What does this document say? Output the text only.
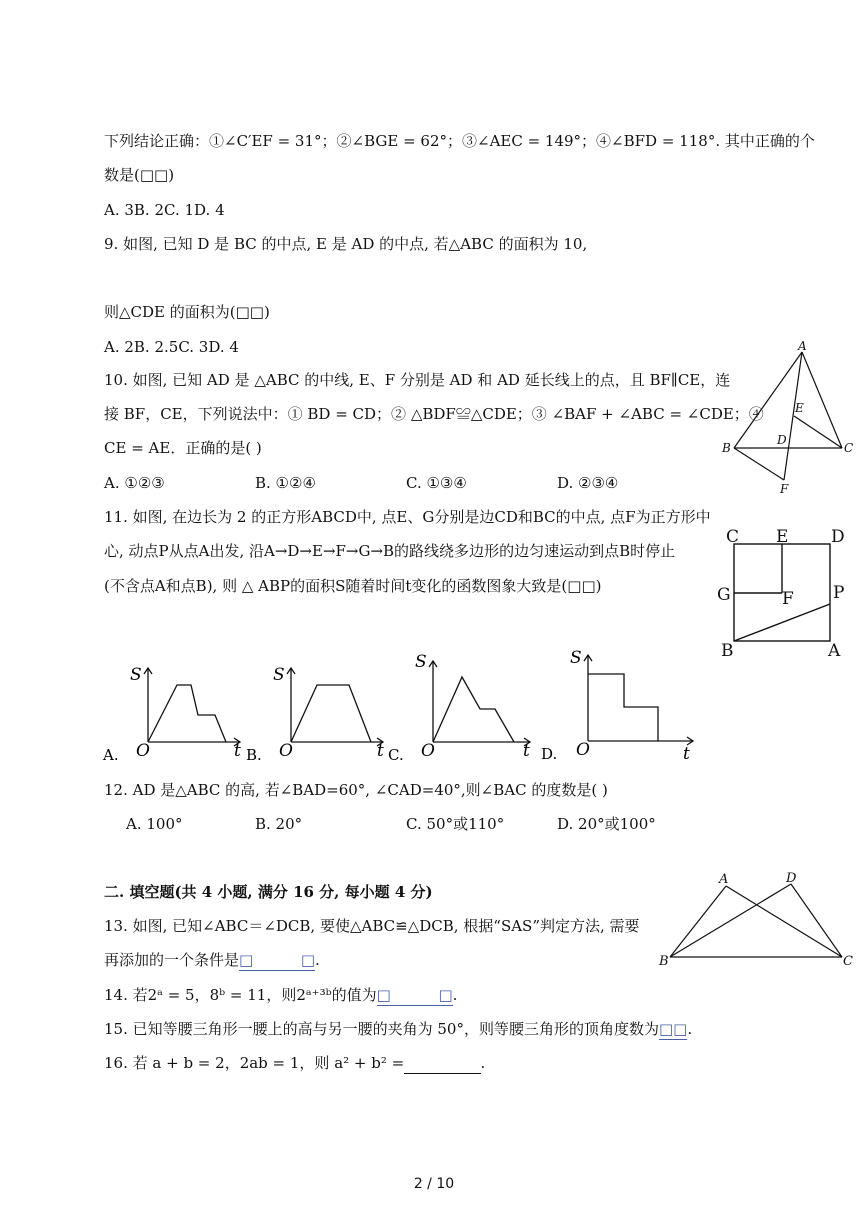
下列结论正确：①∠C′EF = 31°；②∠BGE = 62°；③∠AEC = 149°；④∠BFD = 118°. 其中正确的个
数是(□□)
A. 3B. 2C. 1D. 4
9. 如图, 已知 D 是 BC 的中点, E 是 AD 的中点, 若△ABC 的面积为 10,
则△CDE 的面积为(□□)
A. 2B. 2.5C. 3D. 4
10. 如图, 已知 AD 是 △ABC 的中线, E、F 分别是 AD 和 AD 延长线上的点，且 BF∥CE，连
接 BF，CE，下列说法中：① BD = CD；② △BDF≌△CDE；③ ∠BAF + ∠ABC = ∠CDE；④
CE = AE．正确的是( )
A. ①②③	B. ①②④	C. ①③④	D. ②③④
A
E
B
D
C
F
11. 如图, 在边长为 2 的正方形ABCD中, 点E、G分别是边CD和BC的中点, 点F为正方形中
心, 动点P从点A出发, 沿A→D→E→F→G→B的路线绕多边形的边匀速运动到点B时停止
(不含点A和点B), 则 △ ABP的面积S随着时间t变化的函数图象大致是(□□)
C E	D
G	F P
B	A
A.
S
O	t B.
S
O	t C.
S
O	t D.
S
O	t
12. AD 是△ABC 的高, 若∠BAD=60°, ∠CAD=40°,则∠BAC 的度数是( )
A. 100°	B. 20°	C. 50°或110°	D. 20°或100°
二. 填空题(共 4 小题, 满分 16 分, 每小题 4 分)
A	D
B	C
13. 如图, 已知∠ABC＝∠DCB, 要使△ABC≌△DCB, 根据“SAS”判定方法, 需要
再添加的一个条件是□          □.
14. 若2ᵃ = 5，8ᵇ = 11，则2ᵃ⁺³ᵇ的值为□          □.
15. 已知等腰三角形一腰上的高与另一腰的夹角为 50°，则等腰三角形的顶角度数为□□.
16. 若 a + b = 2，2ab = 1，则 a² + b² =	.
2 / 10
